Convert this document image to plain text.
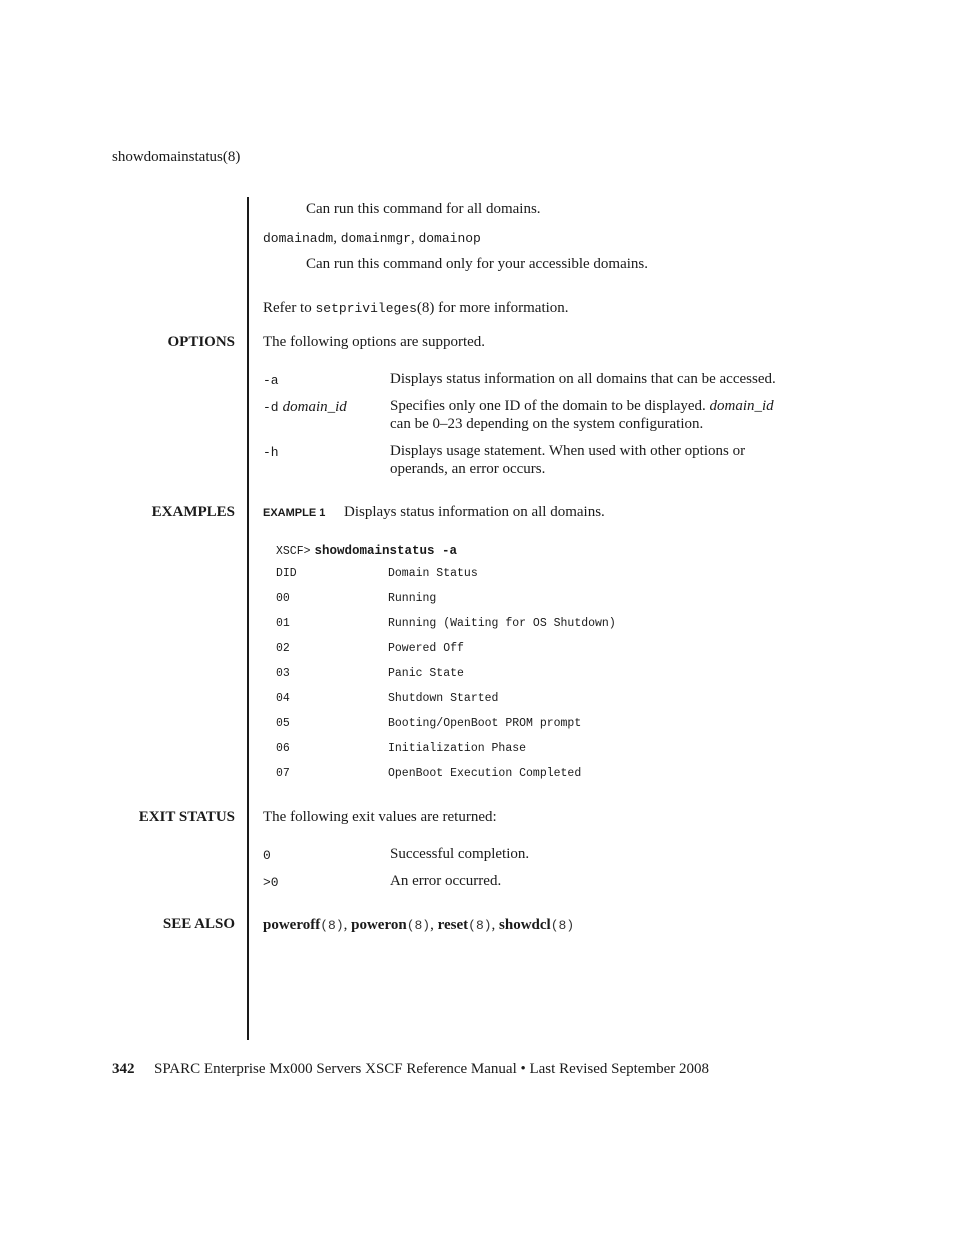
showdomainstatus(8)
Can run this command for all domains.
domainadm, domainmgr, domainop
Can run this command only for your accessible domains.
Refer to setprivileges(8) for more information.
OPTIONS The following options are supported.
-a	Displays status information on all domains that can be accessed.
-d domain_id	Specifies only one ID of the domain to be displayed. domain_id
can be 0–23 depending on the system configuration.
-h	Displays usage statement. When used with other options or
operands, an error occurs.
EXAMPLES	EXAMPLE 1 Displays status information on all domains.
XSCF> showdomainstatus -a
DID	Domain Status
00	Running
01	Running (Waiting for OS Shutdown)
02	Powered Off
03	Panic State
04	Shutdown Started
05	Booting/OpenBoot PROM prompt
06	Initialization Phase
07	OpenBoot Execution Completed
EXIT STATUS The following exit values are returned:
0	Successful completion.
>0	An error occurred.
SEE ALSO poweroff(8), poweron(8), reset(8), showdcl(8)
342 SPARC Enterprise Mx000 Servers XSCF Reference Manual • Last Revised September 2008
